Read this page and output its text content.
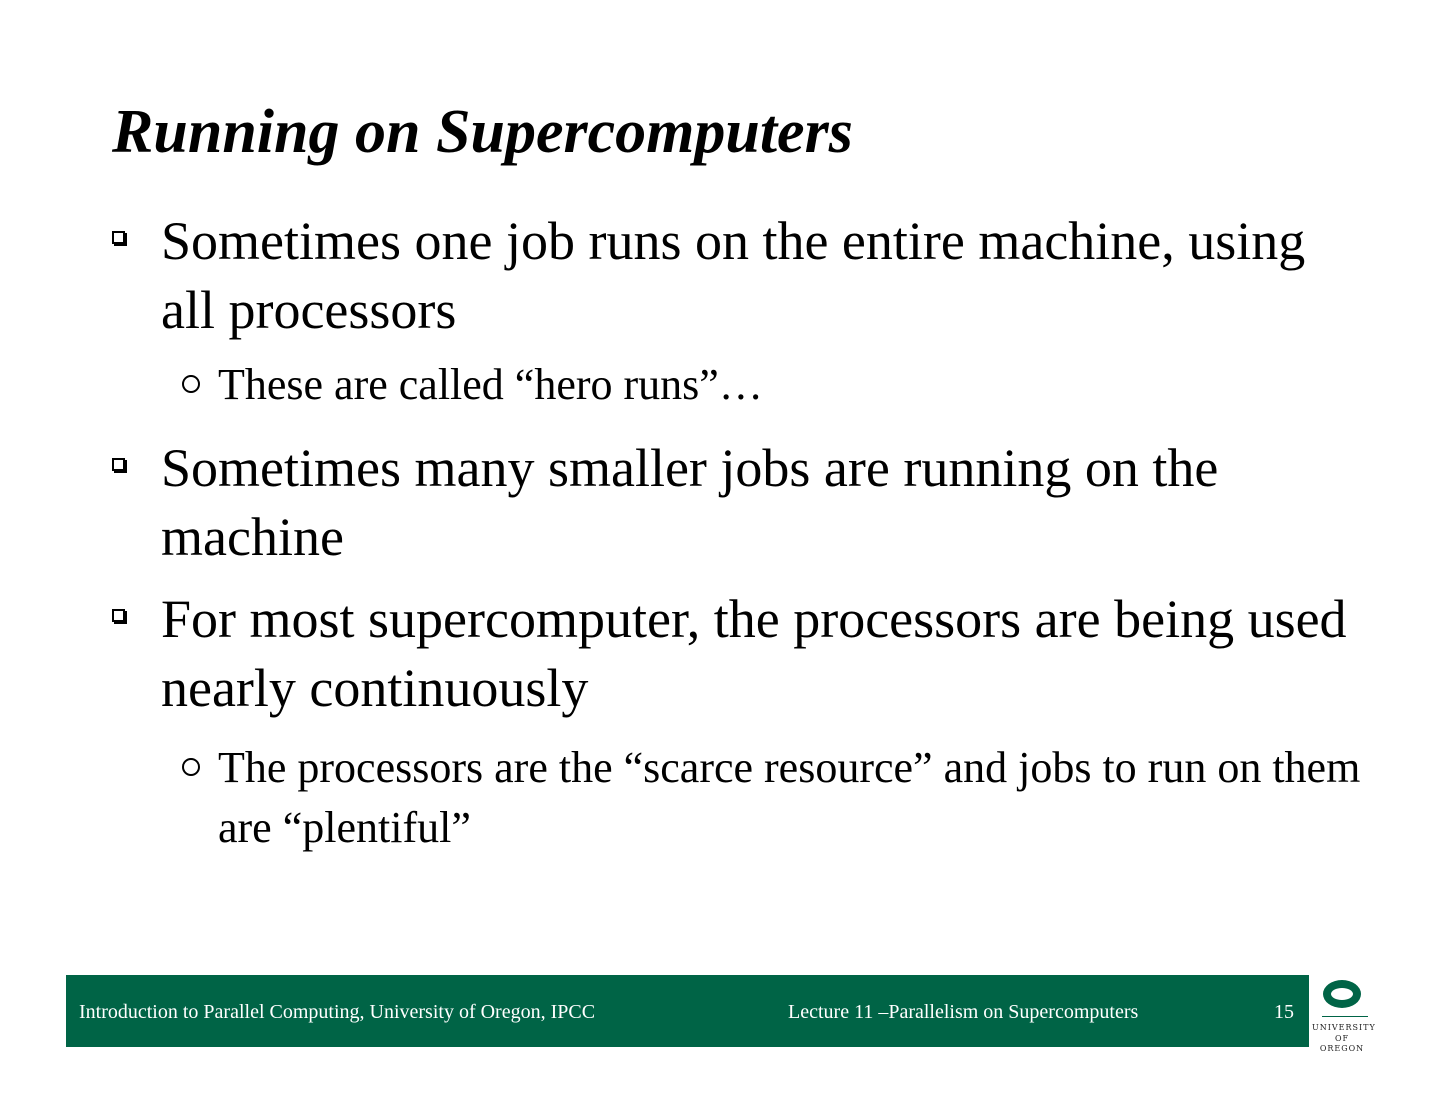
Running on Supercomputers
Sometimes one job runs on the entire machine, using all processors
These are called “hero runs”…
Sometimes many smaller jobs are running on the machine
For most supercomputer, the processors are being used nearly continuously
The processors are the “scarce resource” and jobs to run on them are “plentiful”
Introduction to Parallel Computing, University of Oregon, IPCC	Lecture 11 –Parallelism on Supercomputers	15
UNIVERSITY
OF OREGON
